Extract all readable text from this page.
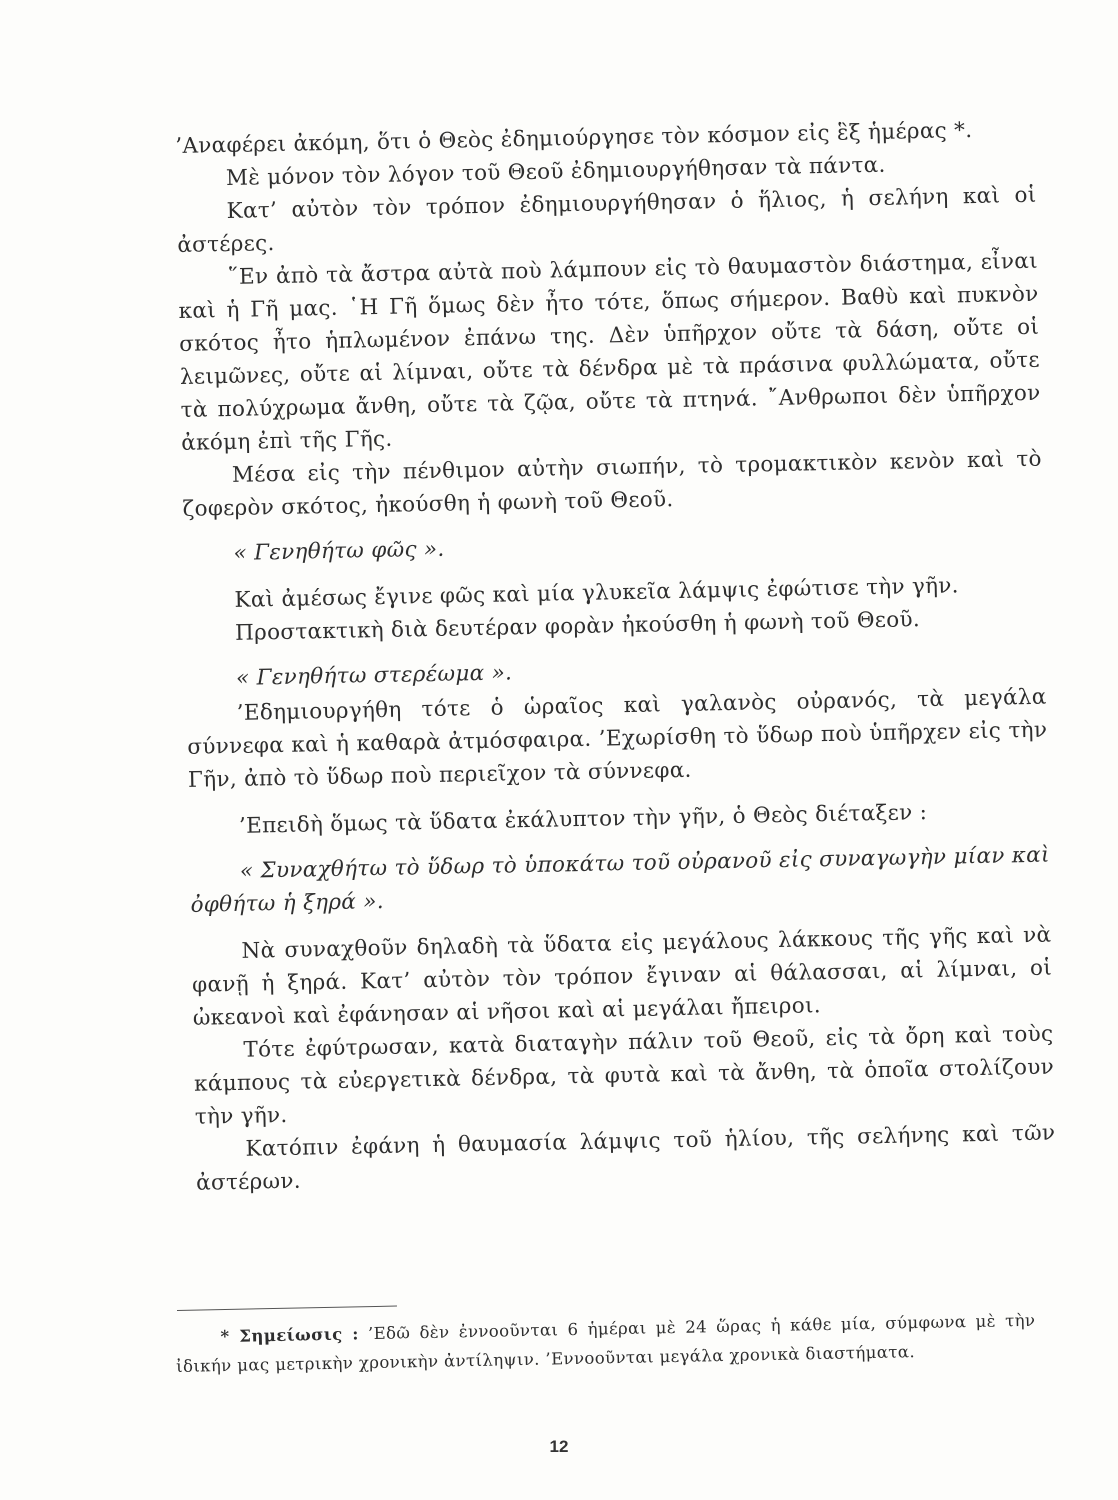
’Αναφέρει ἀκόμη, ὅτι ὁ Θεὸς ἐδημιούργησε τὸν κόσμον εἰς ἓξ ἡμέρας *.

Μὲ μόνον τὸν λόγον τοῦ Θεοῦ ἐδημιουργήθησαν τὰ πάντα.

Κατ’ αὐτὸν τὸν τρόπον ἐδημιουργήθησαν ὁ ἥλιος, ἡ σελήνη καὶ οἱ ἀστέρες.

῞Εν ἀπὸ τὰ ἄστρα αὐτὰ ποὺ λάμπουν εἰς τὸ θαυμαστὸν διάστημα, εἶναι καὶ ἡ Γῆ μας. ῾Η Γῆ ὅμως δὲν ἦτο τότε, ὅπως σήμερον. Βαθὺ καὶ πυκνὸν σκότος ἦτο ἡπλωμένον ἐπάνω της. Δὲν ὑπῆρχον οὔτε τὰ δάση, οὔτε οἱ λειμῶνες, οὔτε αἱ λίμναι, οὔτε τὰ δένδρα μὲ τὰ πράσινα φυλλώματα, οὔτε τὰ πολύχρωμα ἄνθη, οὔτε τὰ ζῷα, οὔτε τὰ πτηνά. ῎Ανθρωποι δὲν ὑπῆρχον ἀκόμη ἐπὶ τῆς Γῆς.

Μέσα εἰς τὴν πένθιμον αὐτὴν σιωπήν, τὸ τρομακτικὸν κενὸν καὶ τὸ ζοφερὸν σκότος, ἠκούσθη ἡ φωνὴ τοῦ Θεοῦ.

« Γενηθήτω φῶς ».

Καὶ ἀμέσως ἔγινε φῶς καὶ μία γλυκεῖα λάμψις ἐφώτισε τὴν γῆν.

Προστακτικὴ διὰ δευτέραν φορὰν ἠκούσθη ἡ φωνὴ τοῦ Θεοῦ.

« Γενηθήτω στερέωμα ».

’Εδημιουργήθη τότε ὁ ὡραῖος καὶ γαλανὸς οὐρανός, τὰ μεγάλα σύννεφα καὶ ἡ καθαρὰ ἀτμόσφαιρα. ’Εχωρίσθη τὸ ὕδωρ ποὺ ὑπῆρχεν εἰς τὴν Γῆν, ἀπὸ τὸ ὕδωρ ποὺ περιεῖχον τὰ σύννεφα.

’Επειδὴ ὅμως τὰ ὕδατα ἐκάλυπτον τὴν γῆν, ὁ Θεὸς διέταξεν :

« Συναχθήτω τὸ ὕδωρ τὸ ὑποκάτω τοῦ οὐρανοῦ εἰς συναγωγὴν μίαν καὶ ὀφθήτω ἡ ξηρά ».

Νὰ συναχθοῦν δηλαδὴ τὰ ὕδατα εἰς μεγάλους λάκκους τῆς γῆς καὶ νὰ φανῇ ἡ ξηρά. Κατ’ αὐτὸν τὸν τρόπον ἔγιναν αἱ θάλασσαι, αἱ λίμναι, οἱ ὠκεανοὶ καὶ ἐφάνησαν αἱ νῆσοι καὶ αἱ μεγάλαι ἤπειροι.

Τότε ἐφύτρωσαν, κατὰ διαταγὴν πάλιν τοῦ Θεοῦ, εἰς τὰ ὄρη καὶ τοὺς κάμπους τὰ εὐεργετικὰ δένδρα, τὰ φυτὰ καὶ τὰ ἄνθη, τὰ ὁποῖα στολίζουν τὴν γῆν.

Κατόπιν ἐφάνη ἡ θαυμασία λάμψις τοῦ ἡλίου, τῆς σελήνης καὶ τῶν ἀστέρων.

* Σημείωσις : ’Εδῶ δὲν ἐννοοῦνται 6 ἡμέραι μὲ 24 ὥρας ἡ κάθε μία, σύμφωνα μὲ τὴν ἰδικήν μας μετρικὴν χρονικὴν ἀντίληψιν. ’Εννοοῦνται μεγάλα χρονικὰ διαστήματα.

12
